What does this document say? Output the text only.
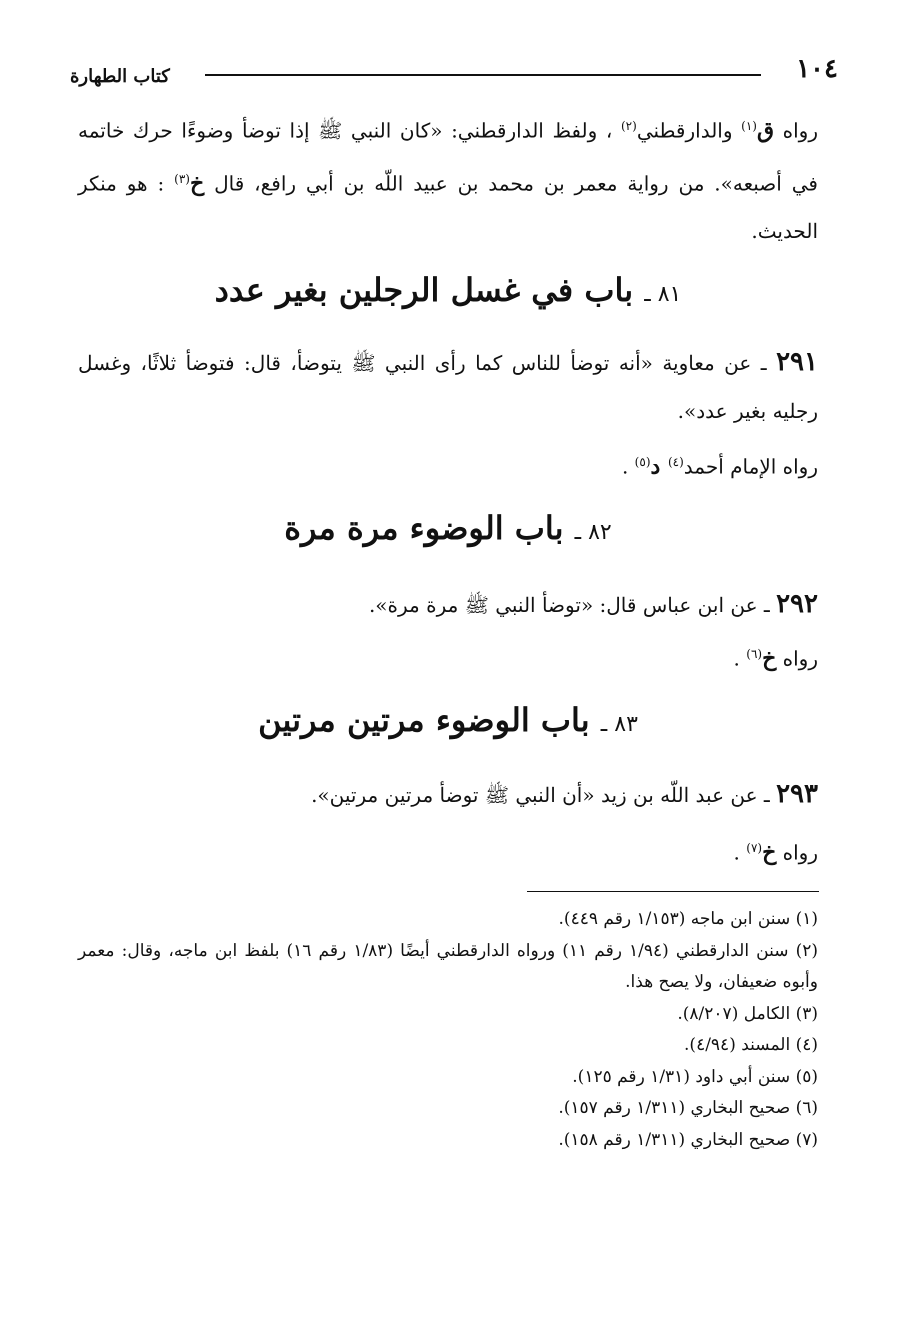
١٠٤
كتاب الطهارة
رواه ق$^{(١)}$ والدارقطني$^{(٢)}$ ، ولفظ الدارقطني: «كان النبي ﷺ إذا توضأ وضوءًا حرك خاتمه في أصبعه». من رواية معمر بن محمد بن عبيد اللّه بن أبي رافع، قال خ$^{(٣)}$ : هو منكر الحديث.
٨١ ـ باب في غسل الرجلين بغير عدد
٢٩١ ـ عن معاوية «أنه توضأ للناس كما رأى النبي ﷺ يتوضأ، قال: فتوضأ ثلاثًا، وغسل رجليه بغير عدد».
رواه الإمام أحمد$^{(٤)}$ د$^{(٥)}$ .
٨٢ ـ باب الوضوء مرة مرة
٢٩٢ ـ عن ابن عباس قال: «توضأ النبي ﷺ مرة مرة».
رواه خ$^{(٦)}$ .
٨٣ ـ باب الوضوء مرتين مرتين
٢٩٣ ـ عن عبد اللّه بن زيد «أن النبي ﷺ توضأ مرتين مرتين».
رواه خ$^{(٧)}$ .
(١) سنن ابن ماجه (١/١٥٣ رقم ٤٤٩).
(٢) سنن الدارقطني (١/٩٤ رقم ١١) ورواه الدارقطني أيضًا (١/٨٣ رقم ١٦) بلفظ ابن ماجه، وقال: معمر وأبوه ضعيفان، ولا يصح هذا.
(٣) الكامل (٨/٢٠٧).
(٤) المسند (٤/٩٤).
(٥) سنن أبي داود (١/٣١ رقم ١٢٥).
(٦) صحيح البخاري (١/٣١١ رقم ١٥٧).
(٧) صحيح البخاري (١/٣١١ رقم ١٥٨).
